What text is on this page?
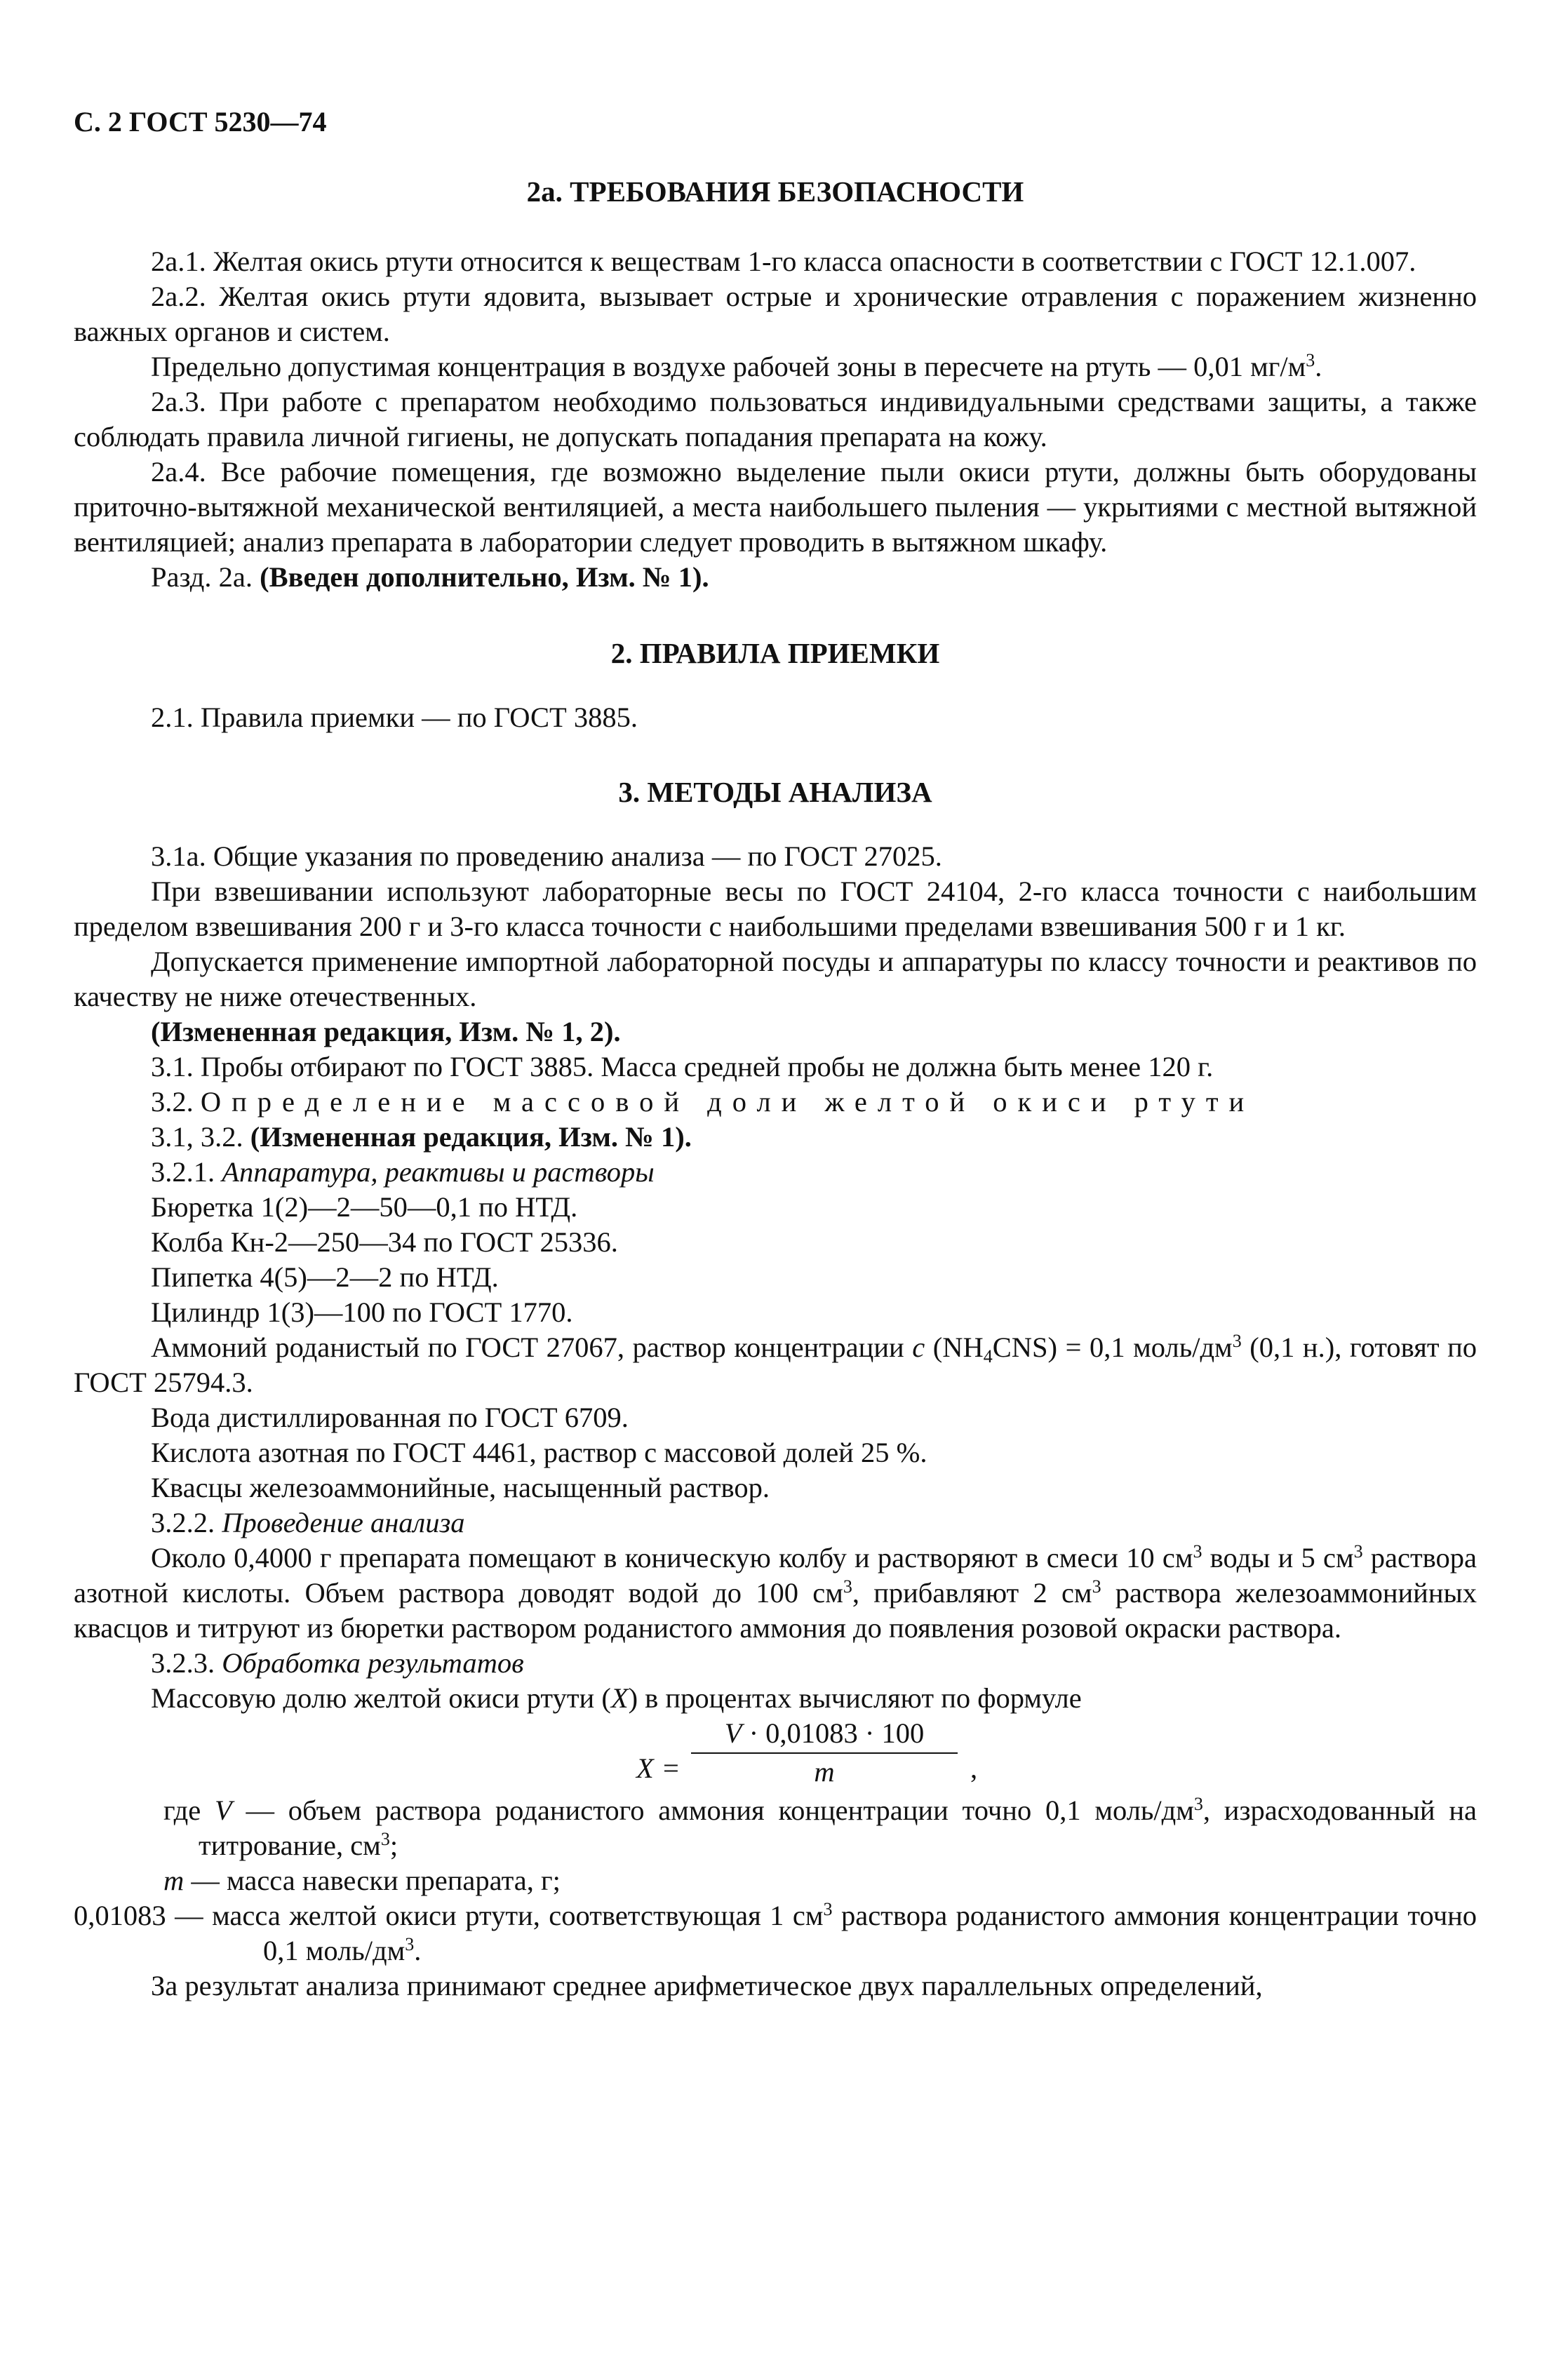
С. 2 ГОСТ 5230—74

2а. ТРЕБОВАНИЯ БЕЗОПАСНОСТИ

2а.1. Желтая окись ртути относится к веществам 1-го класса опасности в соответствии с ГОСТ 12.1.007.

2а.2. Желтая окись ртути ядовита, вызывает острые и хронические отравления с поражением жизненно важных органов и систем.

Предельно допустимая концентрация в воздухе рабочей зоны в пересчете на ртуть — 0,01 $мг/м^3$.

2а.3. При работе с препаратом необходимо пользоваться индивидуальными средствами защиты, а также соблюдать правила личной гигиены, не допускать попадания препарата на кожу.

2а.4. Все рабочие помещения, где возможно выделение пыли окиси ртути, должны быть оборудованы приточно-вытяжной механической вентиляцией, а места наибольшего пыления — укрытиями с местной вытяжной вентиляцией; анализ препарата в лаборатории следует проводить в вытяжном шкафу.

Разд. 2а. (Введен дополнительно, Изм. № 1).

2. ПРАВИЛА ПРИЕМКИ

2.1. Правила приемки — по ГОСТ 3885.

3. МЕТОДЫ АНАЛИЗА

3.1а. Общие указания по проведению анализа — по ГОСТ 27025.

При взвешивании используют лабораторные весы по ГОСТ 24104, 2-го класса точности с наибольшим пределом взвешивания 200 г и 3-го класса точности с наибольшими пределами взвешивания 500 г и 1 кг.

Допускается применение импортной лабораторной посуды и аппаратуры по классу точности и реактивов по качеству не ниже отечественных.

(Измененная редакция, Изм. № 1, 2).

3.1. Пробы отбирают по ГОСТ 3885. Масса средней пробы не должна быть менее 120 г.

3.2. Определение массовой доли желтой окиси ртути

3.1, 3.2. (Измененная редакция, Изм. № 1).

3.2.1. Аппаратура, реактивы и растворы

Бюретка 1(2)—2—50—0,1 по НТД.

Колба Кн-2—250—34 по ГОСТ 25336.

Пипетка 4(5)—2—2 по НТД.

Цилиндр 1(3)—100 по ГОСТ 1770.

Аммоний роданистый по ГОСТ 27067, раствор концентрации c $(NH_4CNS) = 0,1$ моль/$дм^3$ (0,1 н.), готовят по ГОСТ 25794.3.

Вода дистиллированная по ГОСТ 6709.

Кислота азотная по ГОСТ 4461, раствор с массовой долей 25 %.

Квасцы железоаммонийные, насыщенный раствор.

3.2.2. Проведение анализа

Около 0,4000 г препарата помещают в коническую колбу и растворяют в смеси 10 $см^3$ воды и 5 $см^3$ раствора азотной кислоты. Объем раствора доводят водой до 100 $см^3$, прибавляют 2 $см^3$ раствора железоаммонийных квасцов и титруют из бюретки раствором роданистого аммония до появления розовой окраски раствора.

3.2.3. Обработка результатов

Массовую долю желтой окиси ртути (X) в процентах вычисляют по формуле

X =
V · 0,01083 · 100
m	,
где V — объем раствора роданистого аммония концентрации точно 0,1 моль/$дм^3$, израсходованный на титрование, $см^3$;
m — масса навески препарата, г;
0,01083 — масса желтой окиси ртути, соответствующая 1 $см^3$ раствора роданистого аммония концентрации точно 0,1 моль/$дм^3$.

За результат анализа принимают среднее арифметическое двух параллельных определений,
